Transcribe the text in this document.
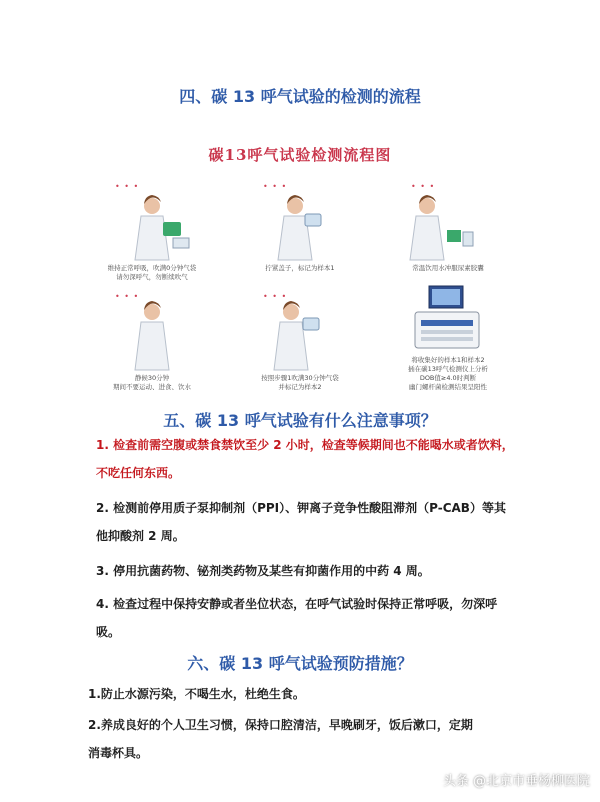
四、碳 13 呼气试验的检测的流程
碳13呼气试验检测流程图
• • •
维持正常呼吸，吹满0分钟气袋
请勿深呼气，勿断续吹气
• • •
拧紧盖子，标记为样本1
• • •
常温饮用水冲服尿素胶囊
• • •
静候30分钟
期间不要运动、进食、饮水
• • •
按照步骤1吹满30分钟气袋
并标记为样本2
将收集好的样本1和样本2
插在碳13呼气检测仪上分析
DOB值≥4.0时判断
幽门螺杆菌检测结果呈阳性
五、碳 13 呼气试验有什么注意事项？

1. 检查前需空腹或禁食禁饮至少 2 小时，检查等候期间也不能喝水或者饮料，
不吃任何东西。

2. 检测前停用质子泵抑制剂（PPI）、钾离子竞争性酸阻滞剂（P-CAB）等其
他抑酸剂 2 周。

3. 停用抗菌药物、铋剂类药物及某些有抑菌作用的中药 4 周。

4. 检查过程中保持安静或者坐位状态，在呼气试验时保持正常呼吸，勿深呼
吸。

六、碳 13 呼气试验预防措施？

1.防止水源污染，不喝生水，杜绝生食。

2.养成良好的个人卫生习惯，保持口腔清洁，早晚刷牙，饭后漱口，定期
消毒杯具。

头条 @北京市垂杨柳医院
